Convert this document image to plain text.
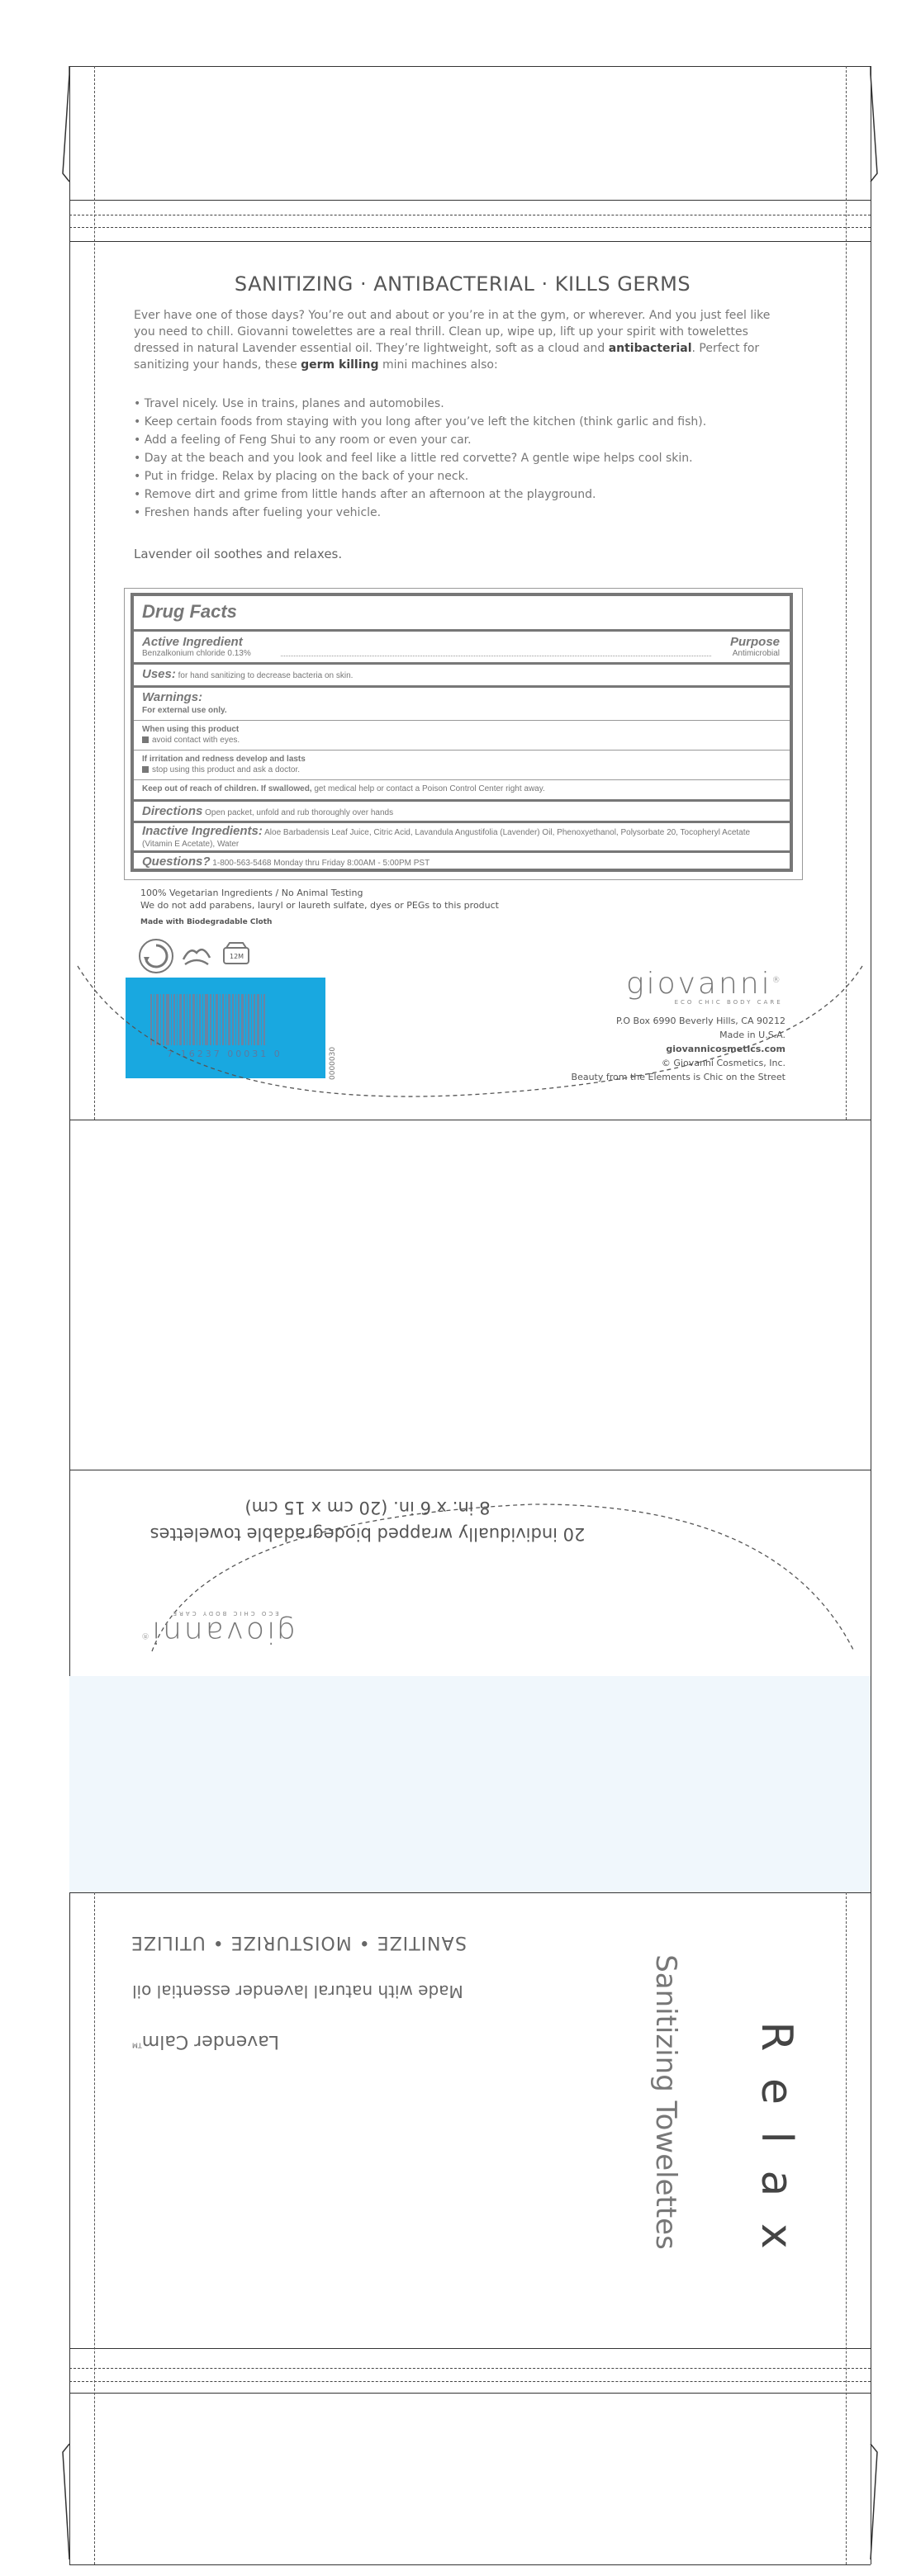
SANITIZING · ANTIBACTERIAL · KILLS GERMS
Ever have one of those days? You’re out and about or you’re in at the gym, or wherever. And you just feel like you need to chill. Giovanni towelettes are a real thrill. Clean up, wipe up, lift up your spirit with towelettes dressed in natural Lavender essential oil. They’re lightweight, soft as a cloud and antibacterial. Perfect for sanitizing your hands, these germ killing mini machines also:
• Travel nicely. Use in trains, planes and automobiles.
• Keep certain foods from staying with you long after you’ve left the kitchen (think garlic and fish).
• Add a feeling of Feng Shui to any room or even your car.
• Day at the beach and you look and feel like a little red corvette? A gentle wipe helps cool skin.
• Put in fridge. Relax by placing on the back of your neck.
• Remove dirt and grime from little hands after an afternoon at the playground.
• Freshen hands after fueling your vehicle.
Lavender oil soothes and relaxes.
Drug Facts
Active Ingredient
Benzalkonium chloride 0.13%
Purpose
Antimicrobial
Uses: for hand sanitizing to decrease bacteria on skin.
Warnings:
For external use only.
When using this product
avoid contact with eyes.
If irritation and redness develop and lasts
stop using this product and ask a doctor.
Keep out of reach of children. If swallowed, get medical help or contact a Poison Control Center right away.
Directions Open packet, unfold and rub thoroughly over hands
Inactive Ingredients: Aloe Barbadensis Leaf Juice, Citric Acid, Lavandula Angustifolia (Lavender) Oil, Phenoxyethanol, Polysorbate 20, Tocopheryl Acetate (Vitamin E Acetate), Water
Questions? 1-800-563-5468 Monday thru Friday 8:00AM - 5:00PM PST
100% Vegetarian Ingredients / No Animal Testing
We do not add parabens, lauryl or laureth sulfate, dyes or PEGs to this product
Made with Biodegradable Cloth
12M
7 16237 00031 0	0000030
giovanni®
ECO CHIC BODY CARE
P.O Box 6990 Beverly Hills, CA 90212
Made in U.S.A.
giovannicosmetics.com
© Giovanni Cosmetics, Inc.
Beauty from the Elements is Chic on the Street
20 individually wrapped biodegradable towelettes
8 in. x 6 in. (20 cm x 15 cm)
giovanni®
ECO CHIC BODY CARE
SANITIZE • MOISTURIZE • UTILIZE
Made with natural lavender essential oil
Lavender Calm™	R e l a x
Sanitizing Towelettes
